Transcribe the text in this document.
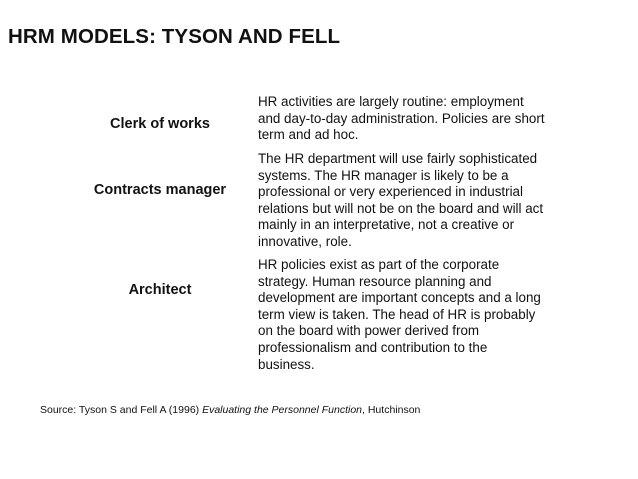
HRM MODELS: TYSON AND FELL
Clerk of works
HR activities are largely routine: employment
and day-to-day administration. Policies are short
term and ad hoc.
Contracts manager
The HR department will use fairly sophisticated
systems. The HR manager is likely to be a
professional or very experienced in industrial
relations but will not be on the board and will act
mainly in an interpretative, not a creative or
innovative, role.
Architect
HR policies exist as part of the corporate
strategy. Human resource planning and
development are important concepts and a long
term view is taken. The head of HR is probably
on the board with power derived from
professionalism and contribution to the
business.
Source: Tyson S and Fell A (1996) Evaluating the Personnel Function, Hutchinson
